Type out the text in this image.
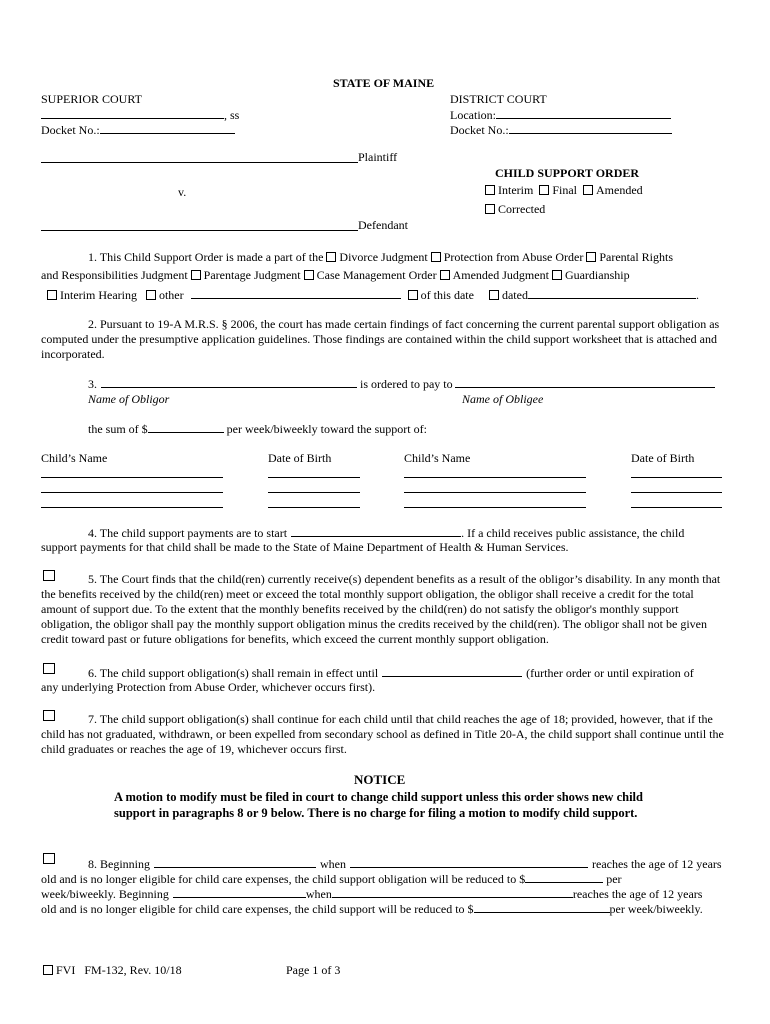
STATE OF MAINE
SUPERIOR COURT
, ss
Docket No.:
DISTRICT COURT
Location:
Docket No.:
Plaintiff
v.
Defendant
CHILD SUPPORT ORDER
Interim Final Amended
Corrected
1. This Child Support Order is made a part of the Divorce Judgment Protection from Abuse Order Parental Rights
and Responsibilities Judgment Parentage Judgment Case Management Order Amended Judgment Guardianship
Interim Hearing other	of this date dated	.
2. Pursuant to 19-A M.R.S. § 2006, the court has made certain findings of fact concerning the current parental support obligation as computed under the presumptive application guidelines. Those findings are contained within the child support worksheet that is attached and incorporated.
3.	is ordered to pay to
Name of Obligor	Name of Obligee
the sum of $	per week/biweekly toward the support of:
Child’s Name	Date of Birth	Child’s Name	Date of Birth
4. The child support payments are to start	. If a child receives public assistance, the child
support payments for that child shall be made to the State of Maine Department of Health & Human Services.
5. The Court finds that the child(ren) currently receive(s) dependent benefits as a result of the obligor’s disability. In any month that the benefits received by the child(ren) meet or exceed the total monthly support obligation, the obligor shall receive a credit for the total amount of support due. To the extent that the monthly benefits received by the child(ren) do not satisfy the obligor's monthly support obligation, the obligor shall pay the monthly support obligation minus the credits received by the child(ren). The obligor shall not be given credit toward past or future obligations for benefits, which exceed the current monthly support obligation.
6. The child support obligation(s) shall remain in effect until	(further order or until expiration of
any underlying Protection from Abuse Order, whichever occurs first).
7. The child support obligation(s) shall continue for each child until that child reaches the age of 18; provided, however, that if the child has not graduated, withdrawn, or been expelled from secondary school as defined in Title 20-A, the child support shall continue until the child graduates or reaches the age of 19, whichever occurs first.
NOTICE
A motion to modify must be filed in court to change child support unless this order shows new child support in paragraphs 8 or 9 below. There is no charge for filing a motion to modify child support.
8. Beginning	when	reaches the age of 12 years
old and is no longer eligible for child care expenses, the child support obligation will be reduced to $	per
week/biweekly. Beginning	when	reaches the age of 12 years
old and is no longer eligible for child care expenses, the child support will be reduced to $	per week/biweekly.
FVI FM-132, Rev. 10/18	Page 1 of 3
